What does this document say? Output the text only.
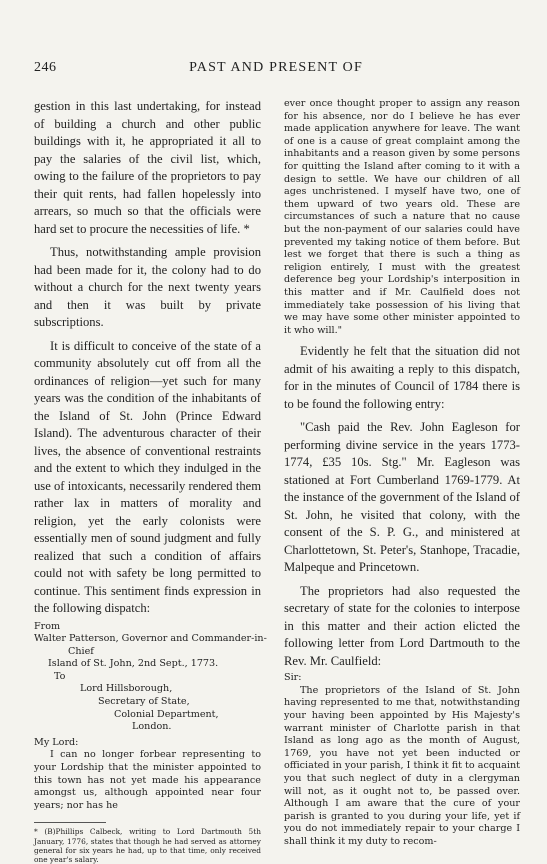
246	PAST AND PRESENT OF

gestion in this last undertaking, for instead of building a church and other public buildings with it, he appropriated it all to pay the salaries of the civil list, which, owing to the failure of the proprietors to pay their quit rents, had fallen hopelessly into arrears, so much so that the officials were hard set to procure the necessities of life. *

Thus, notwithstanding ample provision had been made for it, the colony had to do without a church for the next twenty years and then it was built by private subscriptions.

It is difficult to conceive of the state of a community absolutely cut off from all the ordinances of religion—yet such for many years was the condition of the inhabitants of the Island of St. John (Prince Edward Island). The adventurous character of their lives, the absence of conventional restraints and the extent to which they indulged in the use of intoxicants, necessarily rendered them rather lax in matters of morality and religion, yet the early colonists were essentially men of sound judgment and fully realized that such a condition of affairs could not with safety be long permitted to continue. This sentiment finds expression in the following dispatch:

From
Walter Patterson, Governor and Commander-in-
Chief
Island of St. John, 2nd Sept., 1773.
To
Lord Hillsborough,
Secretary of State,
Colonial Department,
London.
My Lord:

I can no longer forbear representing to your Lordship that the minister appointed to this town has not yet made his appearance amongst us, although appointed near four years; nor has he

* (B)Phillips Calbeck, writing to Lord Dartmouth 5th January, 1776, states that though he had served as attorney general for six years he had, up to that time, only received one year's salary.

ever once thought proper to assign any reason for his absence, nor do I believe he has ever made application anywhere for leave. The want of one is a cause of great complaint among the inhabitants and a reason given by some persons for quitting the Island after coming to it with a design to settle. We have our children of all ages unchristened. I myself have two, one of them upward of two years old. These are circumstances of such a nature that no cause but the non-payment of our salaries could have prevented my taking notice of them before. But lest we forget that there is such a thing as religion entirely, I must with the greatest deference beg your Lordship's interposition in this matter and if Mr. Caulfield does not immediately take possession of his living that we may have some other minister appointed to it who will."

Evidently he felt that the situation did not admit of his awaiting a reply to this dispatch, for in the minutes of Council of 1784 there is to be found the following entry:

"Cash paid the Rev. John Eagleson for performing divine service in the years 1773-1774, £35 10s. Stg." Mr. Eagleson was stationed at Fort Cumberland 1769-1779. At the instance of the government of the Island of St. John, he visited that colony, with the consent of the S. P. G., and ministered at Charlottetown, St. Peter's, Stanhope, Tracadie, Malpeque and Princetown.

The proprietors had also requested the secretary of state for the colonies to interpose in this matter and their action elicted the following letter from Lord Dartmouth to the Rev. Mr. Caulfield:

Sir:

The proprietors of the Island of St. John having represented to me that, notwithstanding your having been appointed by His Majesty's warrant minister of Charlotte parish in that Island as long ago as the month of August, 1769, you have not yet been inducted or officiated in your parish, I think it fit to acquaint you that such neglect of duty in a clergyman will not, as it ought not to, be passed over. Although I am aware that the cure of your parish is granted to you during your life, yet if you do not immediately repair to your charge I shall think it my duty to recom-
